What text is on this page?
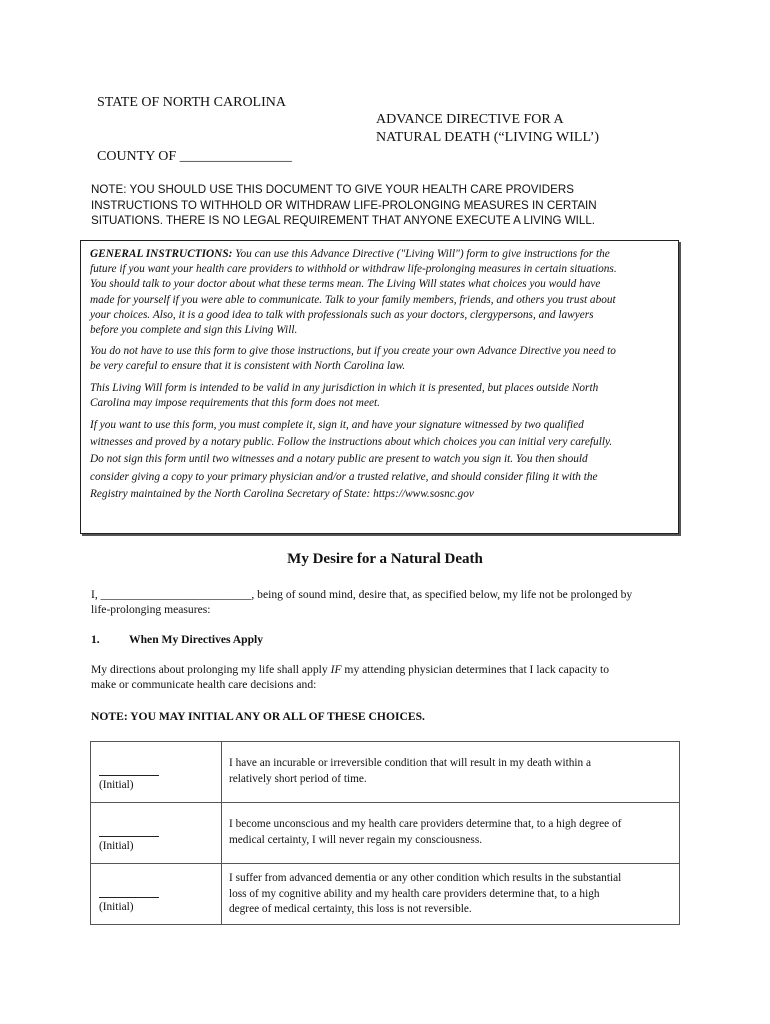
STATE OF NORTH CAROLINA
ADVANCE DIRECTIVE FOR A
NATURAL DEATH (“LIVING WILL’)
COUNTY OF ________________
NOTE: YOU SHOULD USE THIS DOCUMENT TO GIVE YOUR HEALTH CARE PROVIDERS
INSTRUCTIONS TO WITHHOLD OR WITHDRAW LIFE-PROLONGING MEASURES IN CERTAIN
SITUATIONS. THERE IS NO LEGAL REQUIREMENT THAT ANYONE EXECUTE A LIVING WILL.

GENERAL INSTRUCTIONS: You can use this Advance Directive ("Living Will") form to give instructions for the
future if you want your health care providers to withhold or withdraw life-prolonging measures in certain situations.
You should talk to your doctor about what these terms mean. The Living Will states what choices you would have
made for yourself if you were able to communicate. Talk to your family members, friends, and others you trust about
your choices. Also, it is a good idea to talk with professionals such as your doctors, clergypersons, and lawyers
before you complete and sign this Living Will.

You do not have to use this form to give those instructions, but if you create your own Advance Directive you need to
be very careful to ensure that it is consistent with North Carolina law.

This Living Will form is intended to be valid in any jurisdiction in which it is presented, but places outside North
Carolina may impose requirements that this form does not meet.

If you want to use this form, you must complete it, sign it, and have your signature witnessed by two qualified
witnesses and proved by a notary public. Follow the instructions about which choices you can initial very carefully.
Do not sign this form until two witnesses and a notary public are present to watch you sign it. You then should
consider giving a copy to your primary physician and/or a trusted relative, and should consider filing it with the
Registry maintained by the North Carolina Secretary of State: https://www.sosnc.gov

My Desire for a Natural Death
I, __________________________, being of sound mind, desire that, as specified below, my life not be prolonged by
life-prolonging measures:
1.	When My Directives Apply
My directions about prolonging my life shall apply IF my attending physician determines that I lack capacity to
make or communicate health care decisions and:
NOTE: YOU MAY INITIAL ANY OR ALL OF THESE CHOICES.
(Initial)	I have an incurable or irreversible condition that will result in my death within a
relatively short period of time.

(Initial)	I become unconscious and my health care providers determine that, to a high degree of
medical certainty, I will never regain my consciousness.

(Initial)	I suffer from advanced dementia or any other condition which results in the substantial
loss of my cognitive ability and my health care providers determine that, to a high
degree of medical certainty, this loss is not reversible.
